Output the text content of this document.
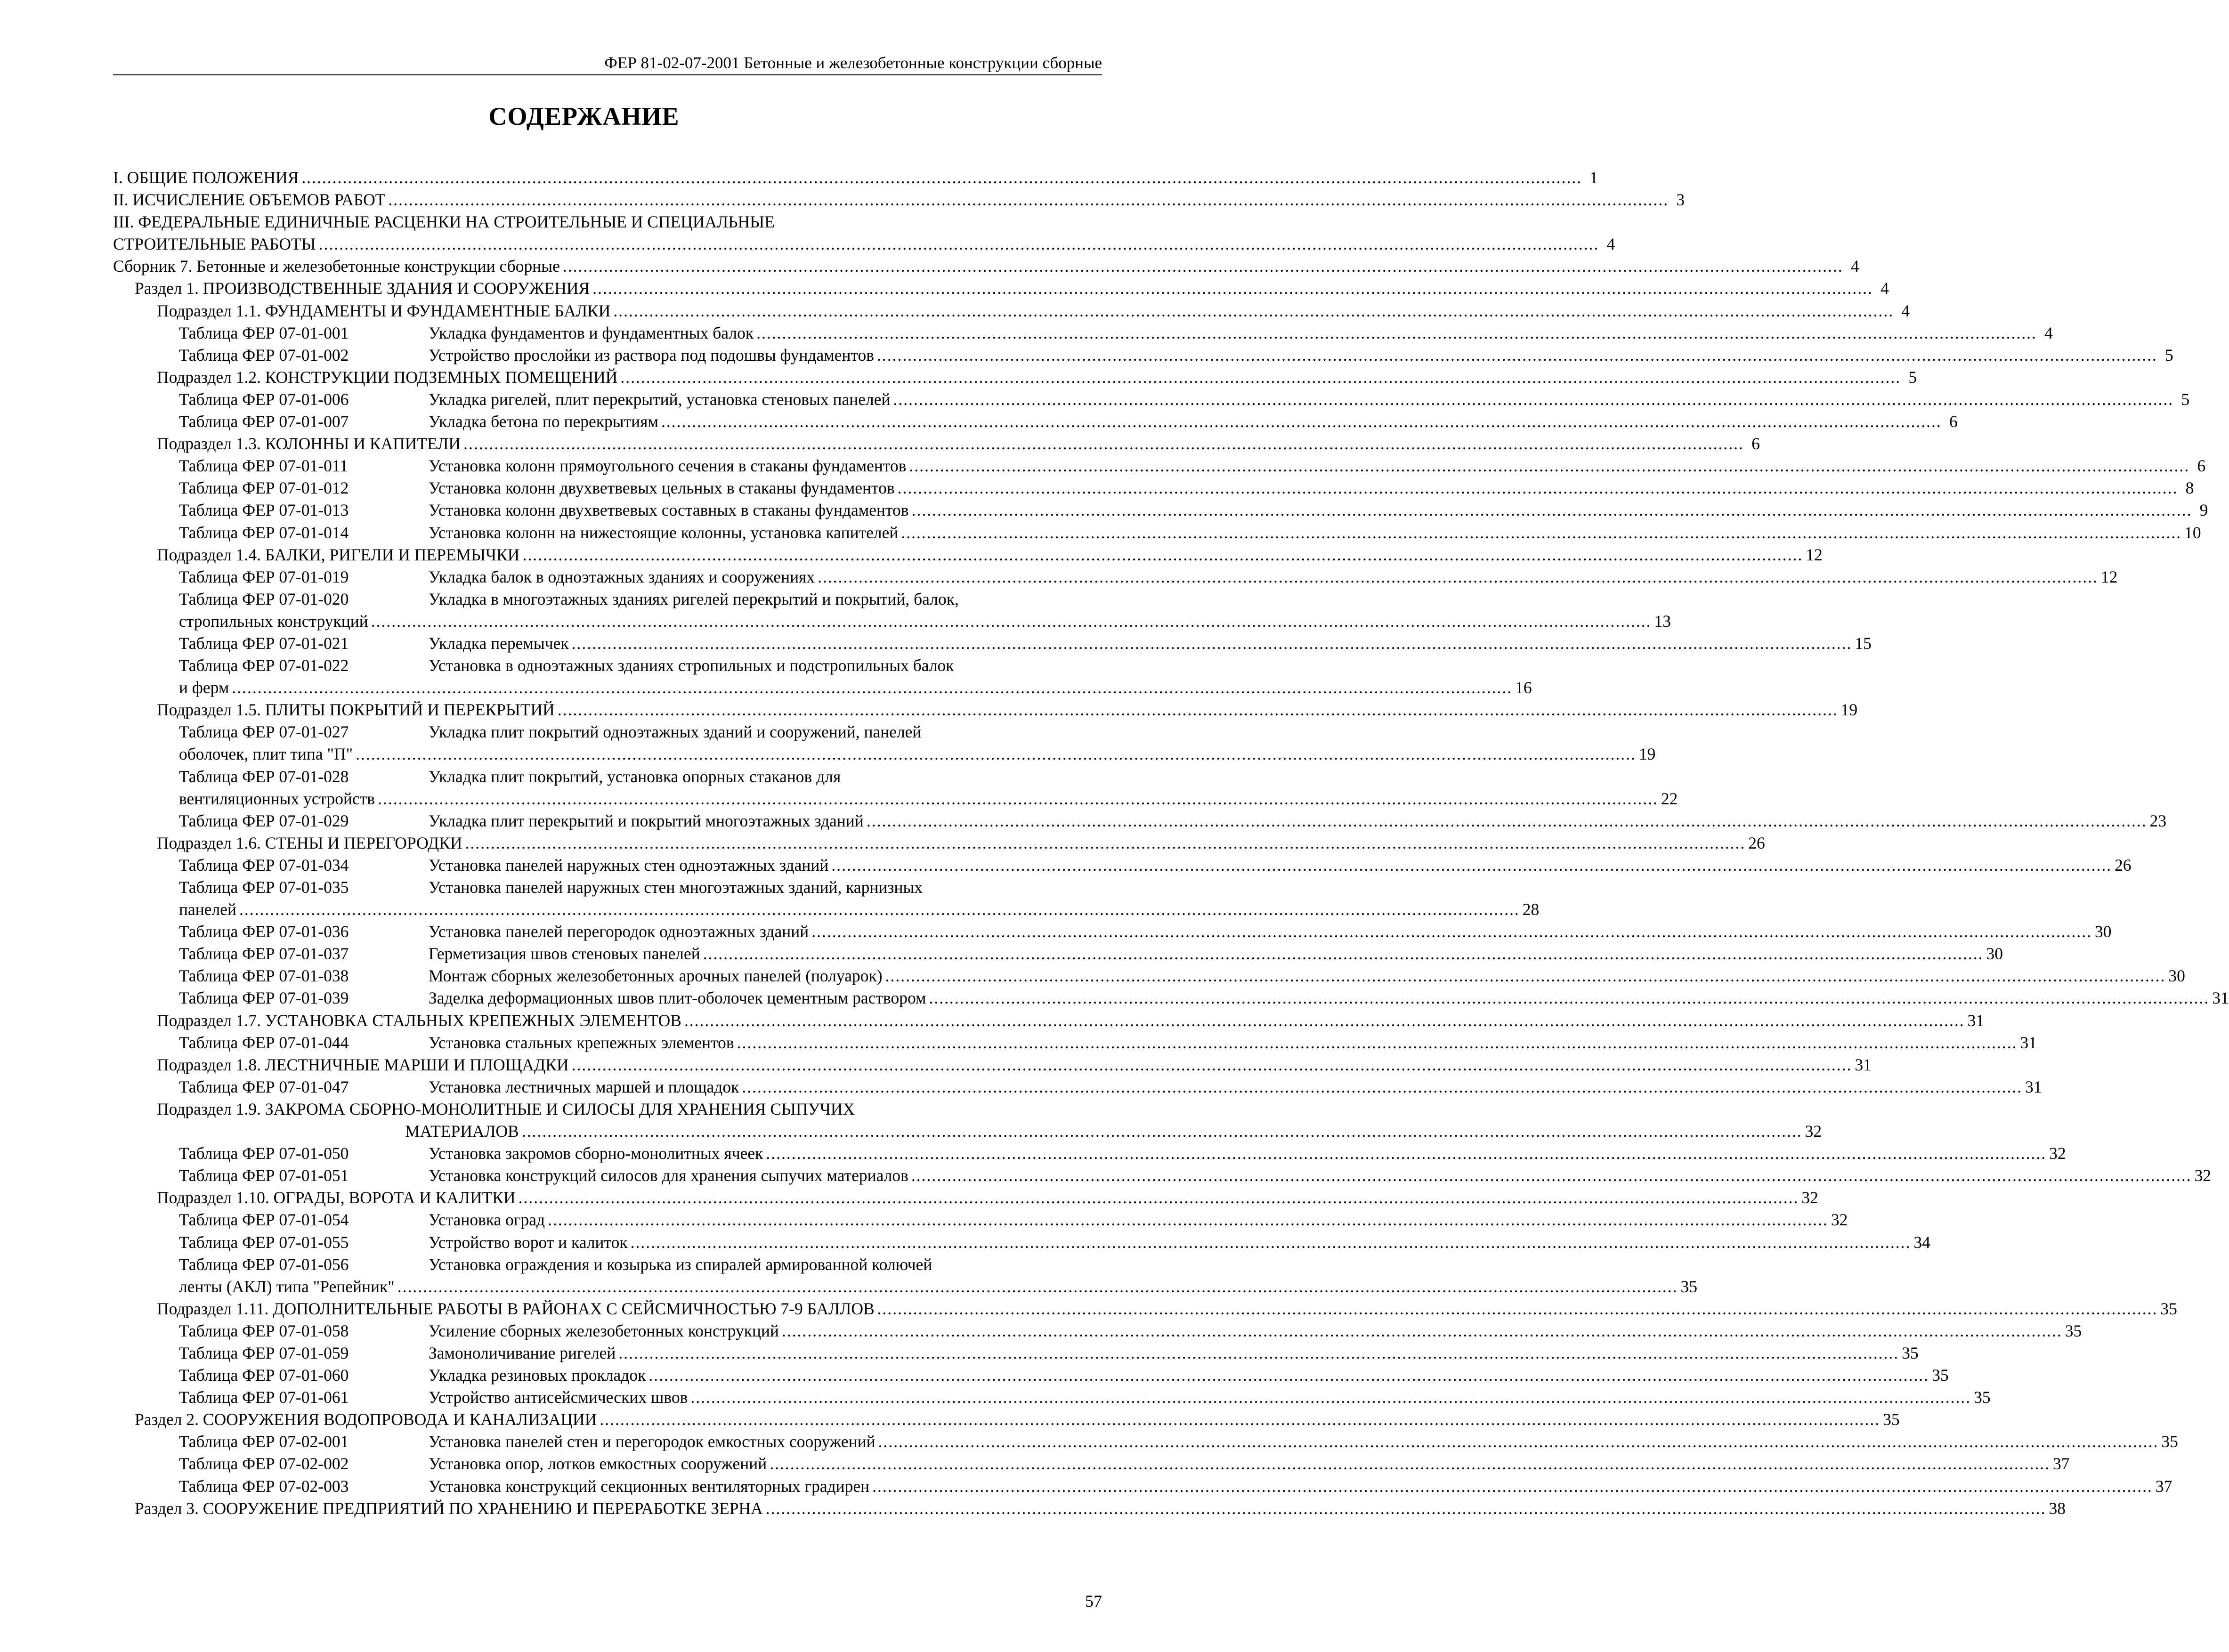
ФЕР 81-02-07-2001 Бетонные и железобетонные конструкции сборные
СОДЕРЖАНИЕ
I. ОБЩИЕ ПОЛОЖЕНИЯ .......................................................................................................................................................................................................................................................... 1
II. ИСЧИСЛЕНИЕ ОБЪЕМОВ РАБОТ .......................................................................................................................................................................................................................................................... 3
III. ФЕДЕРАЛЬНЫЕ ЕДИНИЧНЫЕ РАСЦЕНКИ НА СТРОИТЕЛЬНЫЕ И СПЕЦИАЛЬНЫЕ
СТРОИТЕЛЬНЫЕ РАБОТЫ .......................................................................................................................................................................................................................................................... 4
Сборник 7. Бетонные и железобетонные конструкции сборные .......................................................................................................................................................................................................................................................... 4
Раздел 1. ПРОИЗВОДСТВЕННЫЕ ЗДАНИЯ И СООРУЖЕНИЯ .......................................................................................................................................................................................................................................................... 4
Подраздел 1.1. ФУНДАМЕНТЫ И ФУНДАМЕНТНЫЕ БАЛКИ .......................................................................................................................................................................................................................................................... 4
Таблица ФЕР 07-01-001	Укладка фундаментов и фундаментных балок .......................................................................................................................................................................................................................................................... 4
Таблица ФЕР 07-01-002	Устройство прослойки из раствора под подошвы фундаментов .......................................................................................................................................................................................................................................................... 5
Подраздел 1.2. КОНСТРУКЦИИ ПОДЗЕМНЫХ ПОМЕЩЕНИЙ .......................................................................................................................................................................................................................................................... 5
Таблица ФЕР 07-01-006	Укладка ригелей, плит перекрытий, установка стеновых панелей .......................................................................................................................................................................................................................................................... 5
Таблица ФЕР 07-01-007	Укладка бетона по перекрытиям .......................................................................................................................................................................................................................................................... 6
Подраздел 1.3. КОЛОННЫ И КАПИТЕЛИ .......................................................................................................................................................................................................................................................... 6
Таблица ФЕР 07-01-011	Установка колонн прямоугольного сечения в стаканы фундаментов .......................................................................................................................................................................................................................................................... 6
Таблица ФЕР 07-01-012	Установка колонн двухветвевых цельных в стаканы фундаментов .......................................................................................................................................................................................................................................................... 8
Таблица ФЕР 07-01-013	Установка колонн двухветвевых составных в стаканы фундаментов .......................................................................................................................................................................................................................................................... 9
Таблица ФЕР 07-01-014	Установка колонн на нижестоящие колонны, установка капителей .......................................................................................................................................................................................................................................................... 10
Подраздел 1.4. БАЛКИ, РИГЕЛИ И ПЕРЕМЫЧКИ .......................................................................................................................................................................................................................................................... 12
Таблица ФЕР 07-01-019	Укладка балок в одноэтажных зданиях и сооружениях .......................................................................................................................................................................................................................................................... 12
Таблица ФЕР 07-01-020	Укладка в многоэтажных зданиях ригелей перекрытий и покрытий, балок,
стропильных конструкций .......................................................................................................................................................................................................................................................... 13
Таблица ФЕР 07-01-021	Укладка перемычек .......................................................................................................................................................................................................................................................... 15
Таблица ФЕР 07-01-022	Установка в одноэтажных зданиях стропильных и подстропильных балок
и ферм .......................................................................................................................................................................................................................................................... 16
Подраздел 1.5. ПЛИТЫ ПОКРЫТИЙ И ПЕРЕКРЫТИЙ .......................................................................................................................................................................................................................................................... 19
Таблица ФЕР 07-01-027	Укладка плит покрытий одноэтажных зданий и сооружений, панелей
оболочек, плит типа "П" .......................................................................................................................................................................................................................................................... 19
Таблица ФЕР 07-01-028	Укладка плит покрытий, установка опорных стаканов для
вентиляционных устройств .......................................................................................................................................................................................................................................................... 22
Таблица ФЕР 07-01-029	Укладка плит перекрытий и покрытий многоэтажных зданий .......................................................................................................................................................................................................................................................... 23
Подраздел 1.6. СТЕНЫ И ПЕРЕГОРОДКИ .......................................................................................................................................................................................................................................................... 26
Таблица ФЕР 07-01-034	Установка панелей наружных стен одноэтажных зданий .......................................................................................................................................................................................................................................................... 26
Таблица ФЕР 07-01-035	Установка панелей наружных стен многоэтажных зданий, карнизных
панелей .......................................................................................................................................................................................................................................................... 28
Таблица ФЕР 07-01-036	Установка панелей перегородок одноэтажных зданий .......................................................................................................................................................................................................................................................... 30
Таблица ФЕР 07-01-037	Герметизация швов стеновых панелей .......................................................................................................................................................................................................................................................... 30
Таблица ФЕР 07-01-038	Монтаж сборных железобетонных арочных панелей (полуарок) .......................................................................................................................................................................................................................................................... 30
Таблица ФЕР 07-01-039	Заделка деформационных швов плит-оболочек цементным раствором .......................................................................................................................................................................................................................................................... 31
Подраздел 1.7. УСТАНОВКА СТАЛЬНЫХ КРЕПЕЖНЫХ ЭЛЕМЕНТОВ .......................................................................................................................................................................................................................................................... 31
Таблица ФЕР 07-01-044	Установка стальных крепежных элементов .......................................................................................................................................................................................................................................................... 31
Подраздел 1.8. ЛЕСТНИЧНЫЕ МАРШИ И ПЛОЩАДКИ .......................................................................................................................................................................................................................................................... 31
Таблица ФЕР 07-01-047	Установка лестничных маршей и площадок .......................................................................................................................................................................................................................................................... 31
Подраздел 1.9. ЗАКРОМА СБОРНО-МОНОЛИТНЫЕ И СИЛОСЫ ДЛЯ ХРАНЕНИЯ СЫПУЧИХ
МАТЕРИАЛОВ .......................................................................................................................................................................................................................................................... 32
Таблица ФЕР 07-01-050	Установка закромов сборно-монолитных ячеек .......................................................................................................................................................................................................................................................... 32
Таблица ФЕР 07-01-051	Установка конструкций силосов для хранения сыпучих материалов .......................................................................................................................................................................................................................................................... 32
Подраздел 1.10. ОГРАДЫ, ВОРОТА И КАЛИТКИ .......................................................................................................................................................................................................................................................... 32
Таблица ФЕР 07-01-054	Установка оград .......................................................................................................................................................................................................................................................... 32
Таблица ФЕР 07-01-055	Устройство ворот и калиток .......................................................................................................................................................................................................................................................... 34
Таблица ФЕР 07-01-056	Установка ограждения и козырька из спиралей армированной колючей
ленты (АКЛ) типа "Репейник" .......................................................................................................................................................................................................................................................... 35
Подраздел 1.11. ДОПОЛНИТЕЛЬНЫЕ РАБОТЫ В РАЙОНАХ С СЕЙСМИЧНОСТЬЮ 7-9 БАЛЛОВ .......................................................................................................................................................................................................................................................... 35
Таблица ФЕР 07-01-058	Усиление сборных железобетонных конструкций .......................................................................................................................................................................................................................................................... 35
Таблица ФЕР 07-01-059	Замоноличивание ригелей .......................................................................................................................................................................................................................................................... 35
Таблица ФЕР 07-01-060	Укладка резиновых прокладок .......................................................................................................................................................................................................................................................... 35
Таблица ФЕР 07-01-061	Устройство антисейсмических швов .......................................................................................................................................................................................................................................................... 35
Раздел 2. СООРУЖЕНИЯ ВОДОПРОВОДА И КАНАЛИЗАЦИИ .......................................................................................................................................................................................................................................................... 35
Таблица ФЕР 07-02-001	Установка панелей стен и перегородок емкостных сооружений .......................................................................................................................................................................................................................................................... 35
Таблица ФЕР 07-02-002	Установка опор, лотков емкостных сооружений .......................................................................................................................................................................................................................................................... 37
Таблица ФЕР 07-02-003	Установка конструкций секционных вентиляторных градирен .......................................................................................................................................................................................................................................................... 37
Раздел 3. СООРУЖЕНИЕ ПРЕДПРИЯТИЙ ПО ХРАНЕНИЮ И ПЕРЕРАБОТКЕ ЗЕРНА .......................................................................................................................................................................................................................................................... 38
57
